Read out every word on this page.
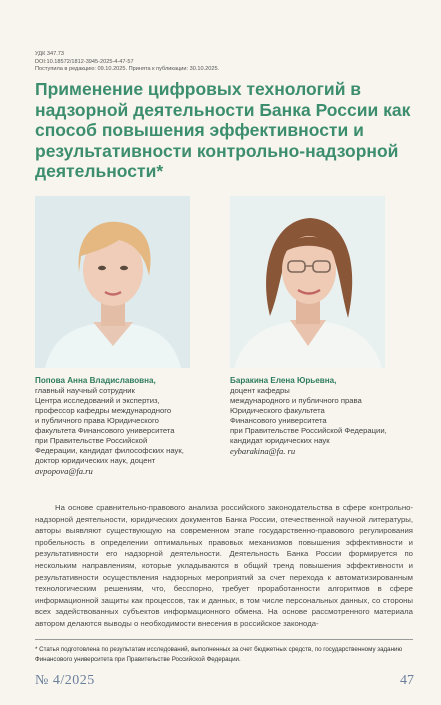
УДК 347.73
DOI:10.18572/1812-3945-2025-4-47-57
Поступила в редакцию: 09.10.2025. Принята к публикации: 30.10.2025.
Применение цифровых технологий в надзорной деятельности Банка России как способ повышения эффективности и результативности контрольно-надзорной деятельности*
Попова Анна Владиславовна,
главный научный сотрудник
Центра исследований и экспертиз,
профессор кафедры международного
и публичного права Юридического
факультета Финансового университета
при Правительстве Российской
Федерации, кандидат философских наук,
доктор юридических наук, доцент
avpopova@fa.ru
Баракина Елена Юрьевна,
доцент кафедры
международного и публичного права
Юридического факультета
Финансового университета
при Правительстве Российской Федерации,
кандидат юридических наук
eybarakina@fa. ru

На основе сравнительно-правового анализа российского законодательства в сфере контрольно-надзорной деятельности, юридических документов Банка России, отечественной научной литературы, авторы выявляют существующую на современном этапе государственно-правового регулирования пробельность в определении оптимальных правовых механизмов повышения эффективности и результативности его надзорной деятельности. Деятельность Банка России формируется по нескольким направлениям, которые укладываются в общий тренд повышения эффективности и результативности осуществления надзорных мероприятий за счет перехода к автоматизированным технологическим решениям, что, бесспорно, требует проработанности алгоритмов в сфере информационной защиты как процессов, так и данных, в том числе персональных данных, со стороны всех задействованных субъектов информационного обмена. На основе рассмотренного материала автором делаются выводы о необходимости внесения в российское законода-

* Статья подготовлена по результатам исследований, выполненных за счет бюджетных средств, по государственному заданию Финансового университета при Правительстве Российской Федерации.

№ 4/2025	47
